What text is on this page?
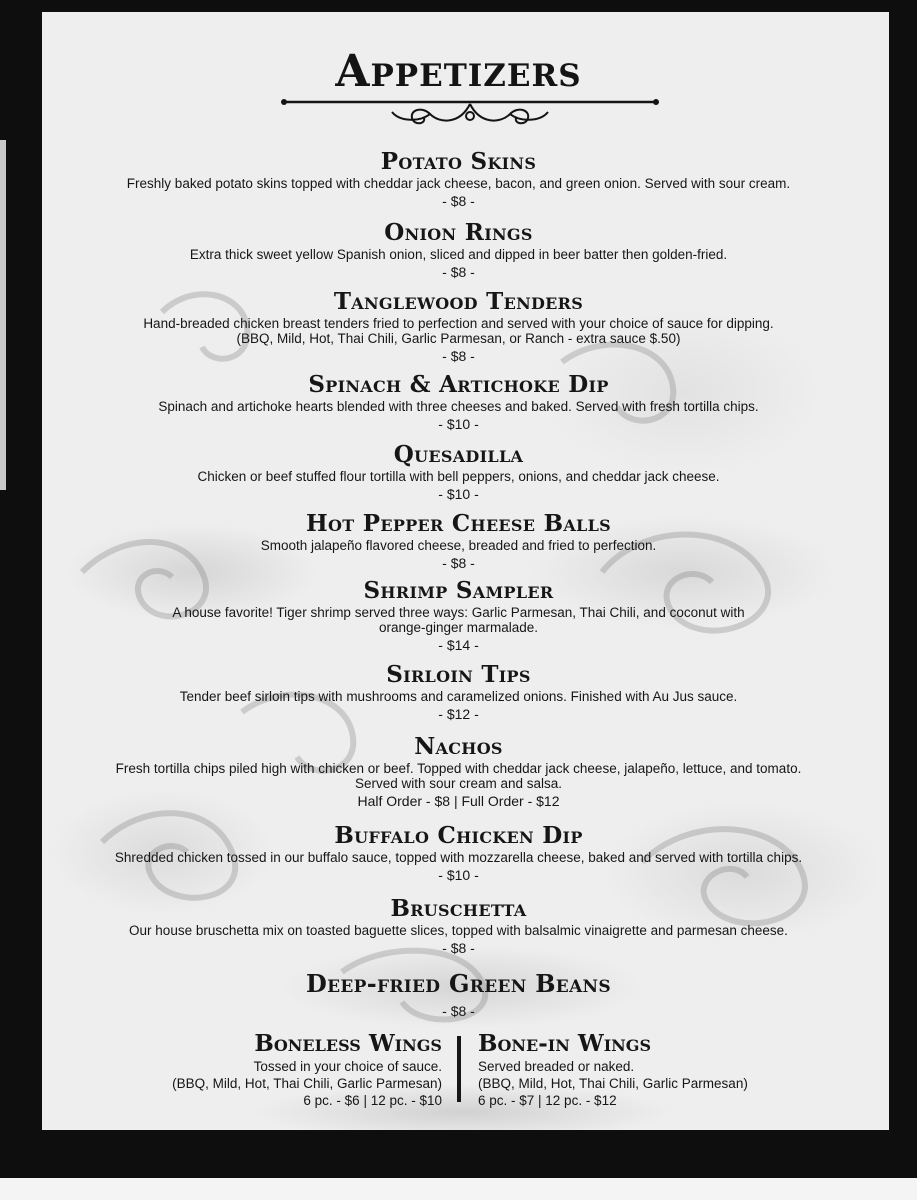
Appetizers
Potato Skins

Freshly baked potato skins topped with cheddar jack cheese, bacon, and green onion. Served with sour cream.

- $8 -

Onion Rings

Extra thick sweet yellow Spanish onion, sliced and dipped in beer batter then golden-fried.

- $8 -

Tanglewood Tenders

Hand-breaded chicken breast tenders fried to perfection and served with your choice of sauce for dipping.

(BBQ, Mild, Hot, Thai Chili, Garlic Parmesan, or Ranch - extra sauce $.50)

- $8 -

Spinach & Artichoke Dip

Spinach and artichoke hearts blended with three cheeses and baked. Served with fresh tortilla chips.

- $10 -

Quesadilla

Chicken or beef stuffed flour tortilla with bell peppers, onions, and cheddar jack cheese.

- $10 -

Hot Pepper Cheese Balls

Smooth jalapeño flavored cheese, breaded and fried to perfection.

- $8 -

Shrimp Sampler

A house favorite! Tiger shrimp served three ways: Garlic Parmesan, Thai Chili, and coconut with

orange-ginger marmalade.

- $14 -

Sirloin Tips

Tender beef sirloin tips with mushrooms and caramelized onions. Finished with Au Jus sauce.

- $12 -

Nachos

Fresh tortilla chips piled high with chicken or beef. Topped with cheddar jack cheese, jalapeño, lettuce, and tomato.

Served with sour cream and salsa.

Half Order - $8 | Full Order - $12

Buffalo Chicken Dip

Shredded chicken tossed in our buffalo sauce, topped with mozzarella cheese, baked and served with tortilla chips.

- $10 -

Bruschetta

Our house bruschetta mix on toasted baguette slices, topped with balsalmic vinaigrette and parmesan cheese.

- $8 -

Deep-fried Green Beans

- $8 -

Boneless Wings

Tossed in your choice of sauce.

(BBQ, Mild, Hot, Thai Chili, Garlic Parmesan)

6 pc. - $6 | 12 pc. - $10

Bone-in Wings

Served breaded or naked.

(BBQ, Mild, Hot, Thai Chili, Garlic Parmesan)

6 pc. - $7 | 12 pc. - $12
